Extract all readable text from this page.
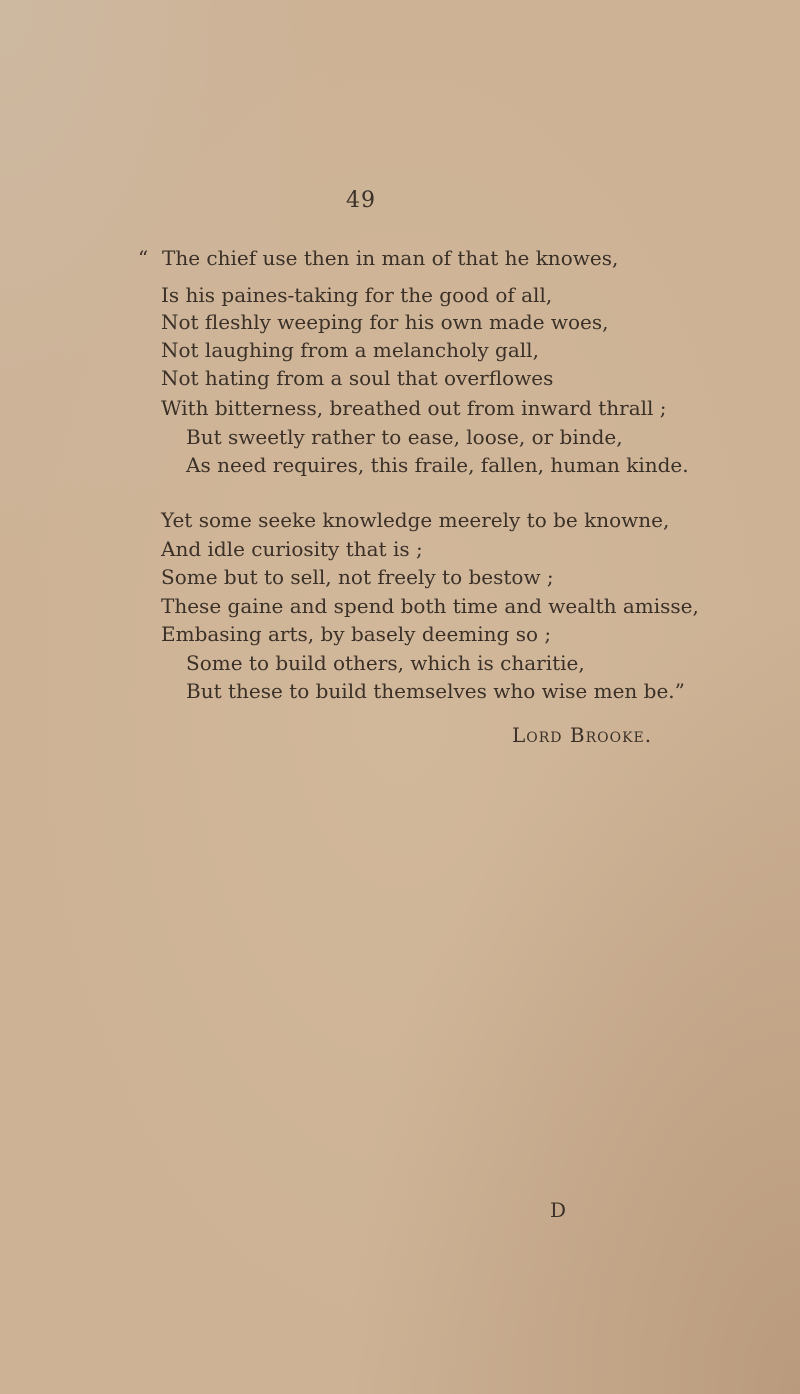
49
“ The chief use then in man of that he knowes,
Is his paines-taking for the good of all,
Not fleshly weeping for his own made woes,
Not laughing from a melancholy gall,
Not hating from a soul that overflowes
With bitterness, breathed out from inward thrall ;
But sweetly rather to ease, loose, or binde,
As need requires, this fraile, fallen, human kinde.
Yet some seeke knowledge meerely to be knowne,
And idle curiosity that is ;
Some but to sell, not freely to bestow ;
These gaine and spend both time and wealth amisse,
Embasing arts, by basely deeming so ;
Some to build others, which is charitie,
But these to build themselves who wise men be.”
Lord Brooke.
D
